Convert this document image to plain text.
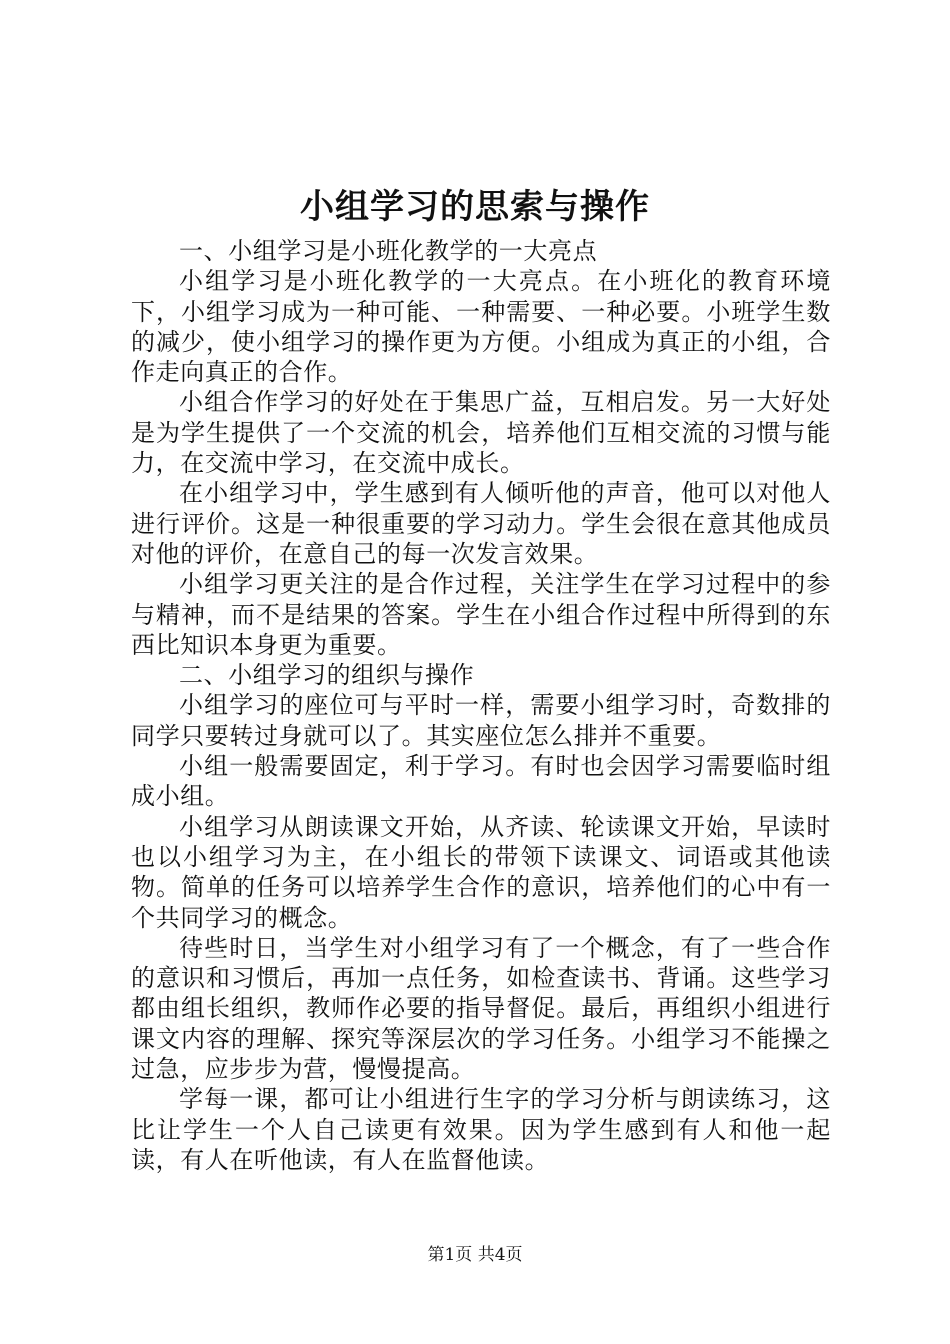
小组学习的思索与操作

一、小组学习是小班化教学的一大亮点

小组学习是小班化教学的一大亮点。在小班化的教育环境下，小组学习成为一种可能、一种需要、一种必要。小班学生数的减少，使小组学习的操作更为方便。小组成为真正的小组，合作走向真正的合作。

小组合作学习的好处在于集思广益，互相启发。另一大好处是为学生提供了一个交流的机会，培养他们互相交流的习惯与能力，在交流中学习，在交流中成长。

在小组学习中，学生感到有人倾听他的声音，他可以对他人进行评价。这是一种很重要的学习动力。学生会很在意其他成员对他的评价，在意自己的每一次发言效果。

小组学习更关注的是合作过程，关注学生在学习过程中的参与精神，而不是结果的答案。学生在小组合作过程中所得到的东西比知识本身更为重要。

二、小组学习的组织与操作

小组学习的座位可与平时一样，需要小组学习时，奇数排的同学只要转过身就可以了。其实座位怎么排并不重要。

小组一般需要固定，利于学习。有时也会因学习需要临时组成小组。

小组学习从朗读课文开始，从齐读、轮读课文开始，早读时也以小组学习为主，在小组长的带领下读课文、词语或其他读物。简单的任务可以培养学生合作的意识，培养他们的心中有一个共同学习的概念。

待些时日，当学生对小组学习有了一个概念，有了一些合作的意识和习惯后，再加一点任务，如检查读书、背诵。这些学习都由组长组织，教师作必要的指导督促。最后，再组织小组进行课文内容的理解、探究等深层次的学习任务。小组学习不能操之过急，应步步为营，慢慢提高。

学每一课，都可让小组进行生字的学习分析与朗读练习，这比让学生一个人自己读更有效果。因为学生感到有人和他一起读，有人在听他读，有人在监督他读。

第1页 共4页
